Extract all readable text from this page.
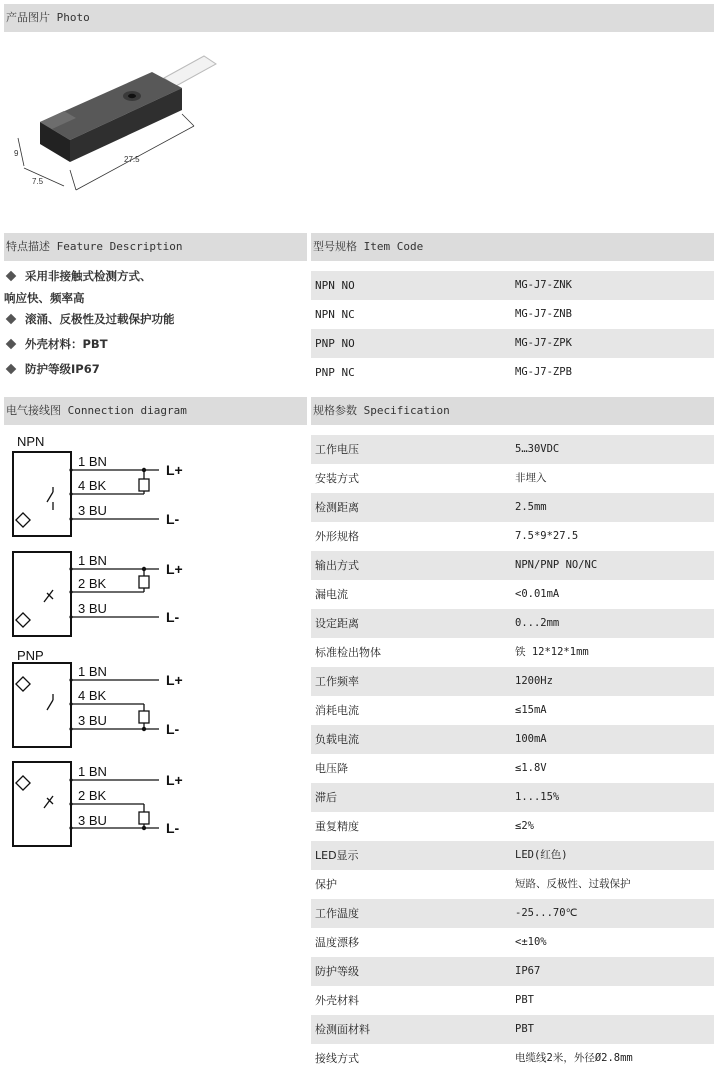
产品图片 Photo
特点描述 Feature Description	型号规格 Item Code
电气接线图 Connection diagram	规格参数 Specification
27.5
9
7.5
采用非接触式检测方式、
响应快、频率高
滚涌、反极性及过载保护功能
外壳材料：PBT
防护等级IP67
NPN NO	MG-J7-ZNK
NPN NC	MG-J7-ZNB
PNP NO	MG-J7-ZPK
PNP NC	MG-J7-ZPB
NPN
PNP
1 BN
4 BK
3 BU
1 BN
2 BK
3 BU
1 BN
4 BK
3 BU
1 BN
2 BK
3 BU
L+
L-
L+
L-
L+
L-
L+
L-
工作电压	5…30VDC
安装方式	非埋入
检测距离	2.5mm
外形规格	7.5*9*27.5
输出方式	NPN/PNP NO/NC
漏电流	<0.01mA
设定距离	0...2mm
标准检出物体	铁 12*12*1mm
工作频率	1200Hz
消耗电流	≤15mA
负载电流	100mA
电压降	≤1.8V
滞后	1...15%
重复精度	≤2%
LED显示	LED(红色)
保护	短路、反极性、过载保护
工作温度	-25...70℃
温度漂移	<±10%
防护等级	IP67
外壳材料	PBT
检测面材料	PBT
接线方式	电缆线2米，外径Ø2.8mm
